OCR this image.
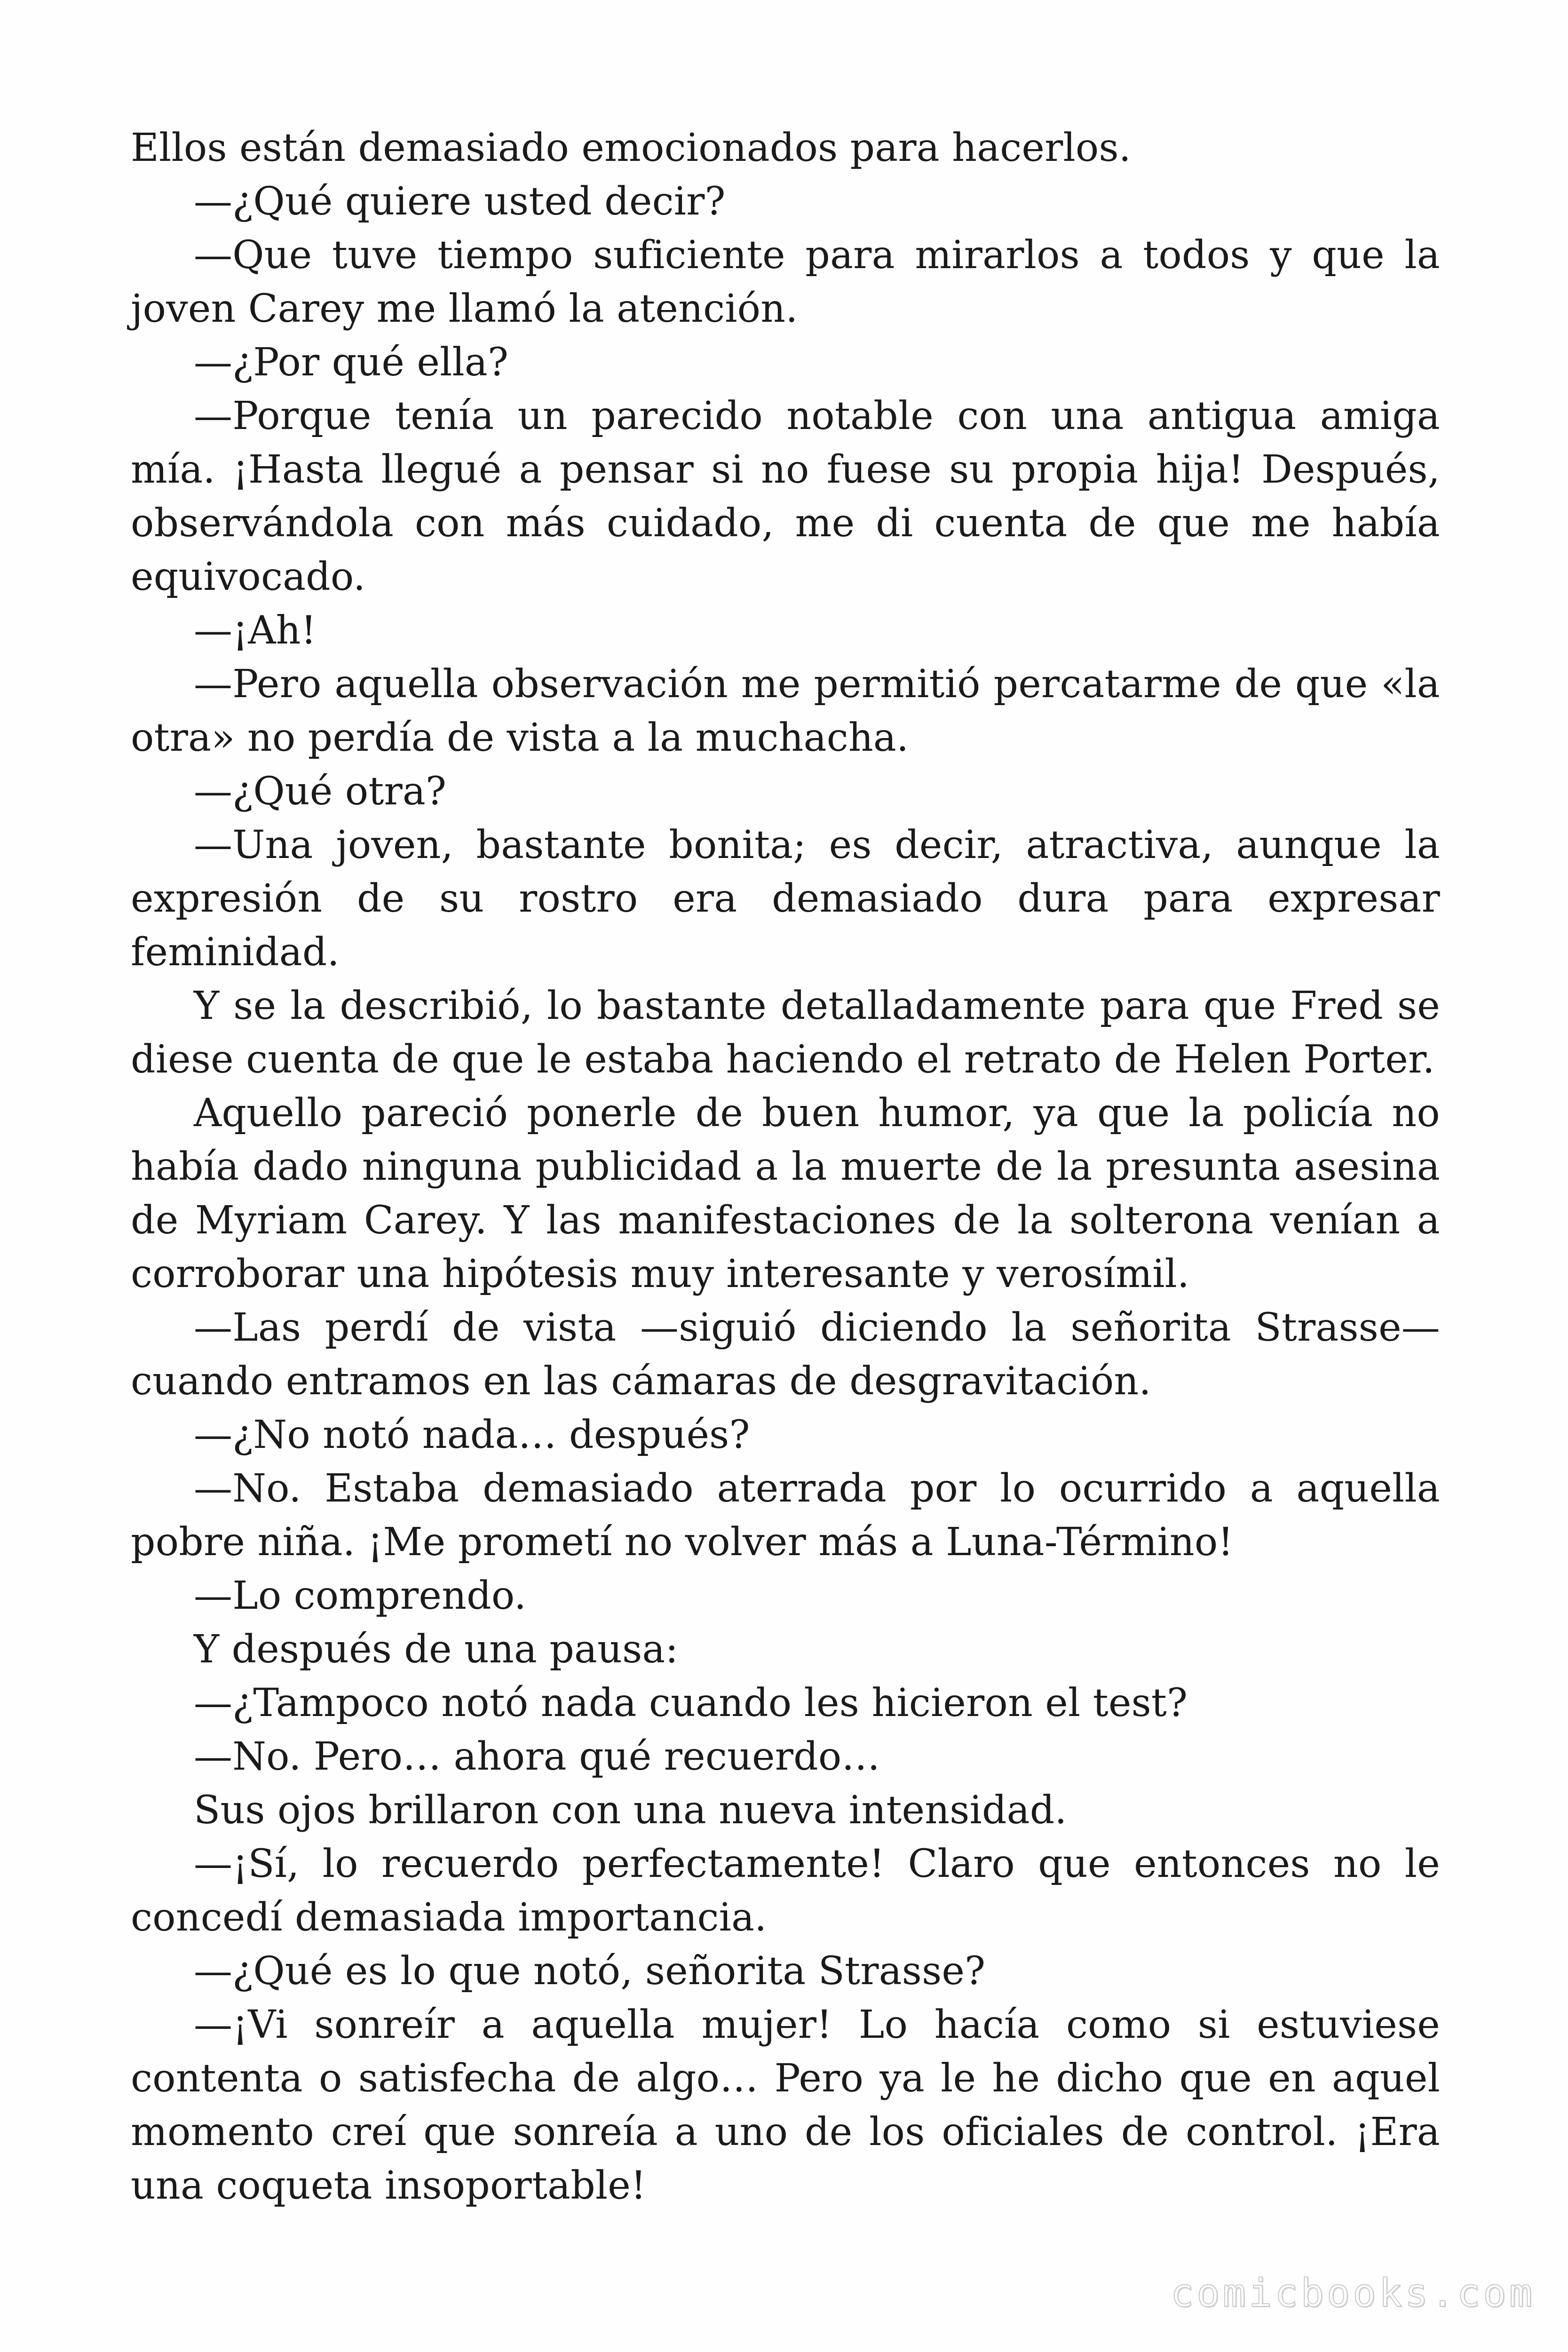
Ellos están demasiado emocionados para hacerlos.

—¿Qué quiere usted decir?

—Que tuve tiempo suficiente para mirarlos a todos y que la joven Carey me llamó la atención.

—¿Por qué ella?

—Porque tenía un parecido notable con una antigua amiga mía. ¡Hasta llegué a pensar si no fuese su propia hija! Después, observándola con más cuidado, me di cuenta de que me había equivocado.

—¡Ah!

—Pero aquella observación me permitió percatarme de que «la otra» no perdía de vista a la muchacha.

—¿Qué otra?

—Una joven, bastante bonita; es decir, atractiva, aunque la expresión de su rostro era demasiado dura para expresar feminidad.

Y se la describió, lo bastante detalladamente para que Fred se diese cuenta de que le estaba haciendo el retrato de Helen Porter.

Aquello pareció ponerle de buen humor, ya que la policía no había dado ninguna publicidad a la muerte de la presunta asesina de Myriam Carey. Y las manifestaciones de la solterona venían a corroborar una hipótesis muy interesante y verosímil.

—Las perdí de vista —siguió diciendo la señorita Strasse— cuando entramos en las cámaras de desgravitación.

—¿No notó nada… después?

—No. Estaba demasiado aterrada por lo ocurrido a aquella pobre niña. ¡Me prometí no volver más a Luna-Término!

—Lo comprendo.

Y después de una pausa:

—¿Tampoco notó nada cuando les hicieron el test?

—No. Pero… ahora qué recuerdo…

Sus ojos brillaron con una nueva intensidad.

—¡Sí, lo recuerdo perfectamente! Claro que entonces no le concedí demasiada importancia.

—¿Qué es lo que notó, señorita Strasse?

—¡Vi sonreír a aquella mujer! Lo hacía como si estuviese contenta o satisfecha de algo… Pero ya le he dicho que en aquel momento creí que sonreía a uno de los oficiales de control. ¡Era una coqueta insoportable!

comicbooks.com
